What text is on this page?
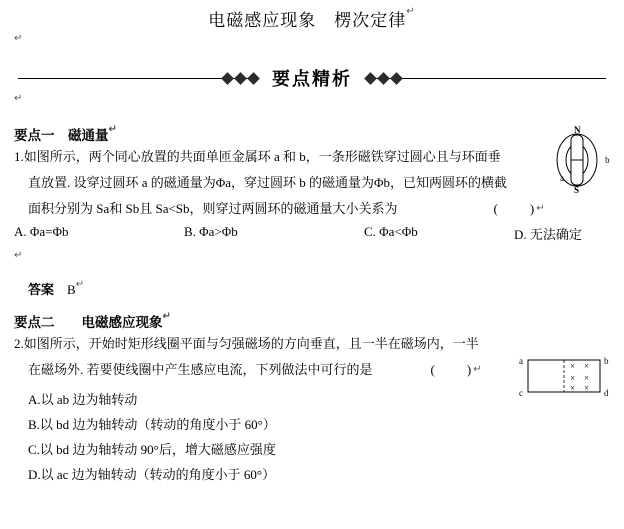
电磁感应现象　楞次定律↵
↵
要点精析
↵
要点一　磁通量↵
1.如图所示，两个同心放置的共面单匝金属环 a 和 b，一条形磁铁穿过圆心且与环面垂
直放置. 设穿过圆环 a 的磁通量为Φa，穿过圆环 b 的磁通量为Φb，已知两圆环的横截
面积分别为 Sa和 Sb且 Sa<Sb，则穿过两圆环的磁通量大小关系为	(　　)↵
A. Φa=Φb	B. Φa>Φb	C. Φa<Φb	D. 无法确定
↵
答案　 B↵
要点二　　电磁感应现象↵
2.如图所示，开始时矩形线圈平面与匀强磁场的方向垂直，且一半在磁场内，一半
在磁场外. 若要使线圈中产生感应电流，下列做法中可行的是	(　　)↵
A.以 ab 边为轴转动
B.以 bd 边为轴转动（转动的角度小于 60°）
C.以 bd 边为轴转动 90°后，增大磁感应强度
D.以 ac 边为轴转动（转动的角度小于 60°）
N
S
b
a
× ×
× ×
× ×
a	b
c	d
